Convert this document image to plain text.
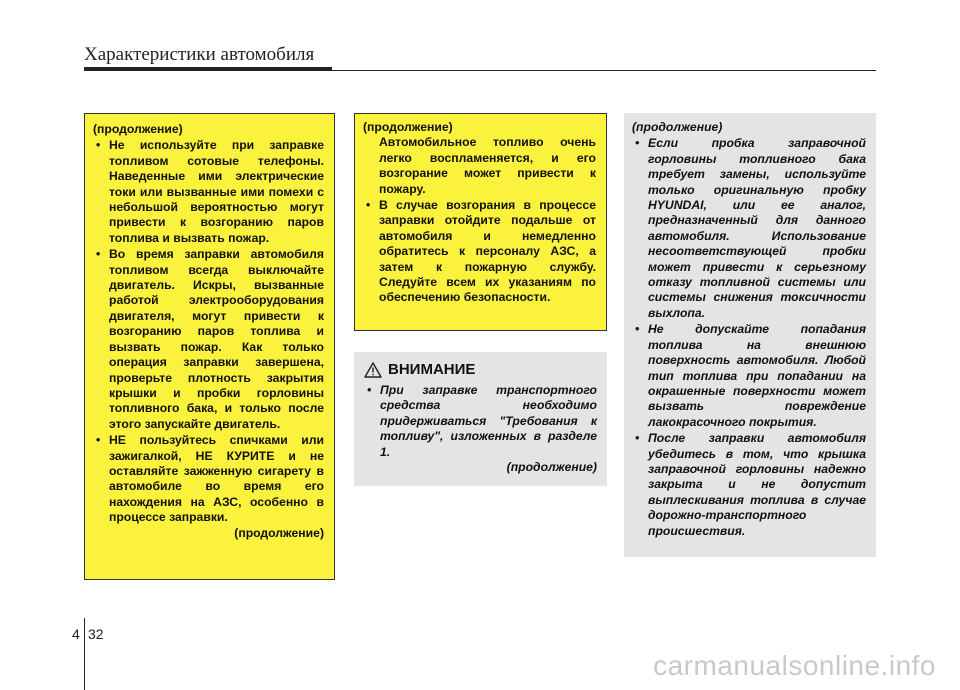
Характеристики автомобиля
(продолжение)
• Не используйте при заправке топливом сотовые телефоны. Наведенные ими электрические токи или вызванные ими помехи с небольшой вероятностью могут привести к возгоранию паров топлива и вызвать пожар.
• Во время заправки автомобиля топливом всегда выключайте двигатель. Искры, вызванные работой электрооборудования двигателя, могут привести к возгоранию паров топлива и вызвать пожар. Как только операция заправки завершена, проверьте плотность закрытия крышки и пробки горловины топливного бака, и только после этого запускайте двигатель.
• НЕ пользуйтесь спичками или зажигалкой, НЕ КУРИТЕ и не оставляйте зажженную сигарету в автомобиле во время его нахождения на АЗС, особенно в процессе заправки.
(продолжение)
(продолжение)
Автомобильное топливо очень легко воспламеняется, и его возгорание может привести к пожару.
• В случае возгорания в процессе заправки отойдите подальше от автомобиля и немедленно обратитесь к персоналу АЗС, а затем к пожарную службу. Следуйте всем их указаниям по обеспечению безопасности.
ВНИМАНИЕ
• При заправке транспортного средства необходимо придерживаться "Требования к топливу", изложенных в разделе 1.
(продолжение)
(продолжение)
• Если пробка заправочной горловины топливного бака требует замены, используйте только оригинальную пробку HYUNDAI, или ее аналог, предназначенный для данного автомобиля. Использование несоответствующей пробки может привести к серьезному отказу топливной системы или системы снижения токсичности выхлопа.
• Не допускайте попадания топлива на внешнюю поверхность автомобиля. Любой тип топлива при попадании на окрашенные поверхности может вызвать повреждение лакокрасочного покрытия.
• После заправки автомобиля убедитесь в том, что крышка заправочной горловины надежно закрыта и не допустит выплескивания топлива в случае дорожно-транспортного происшествия.
4 32
carmanualsonline.info
